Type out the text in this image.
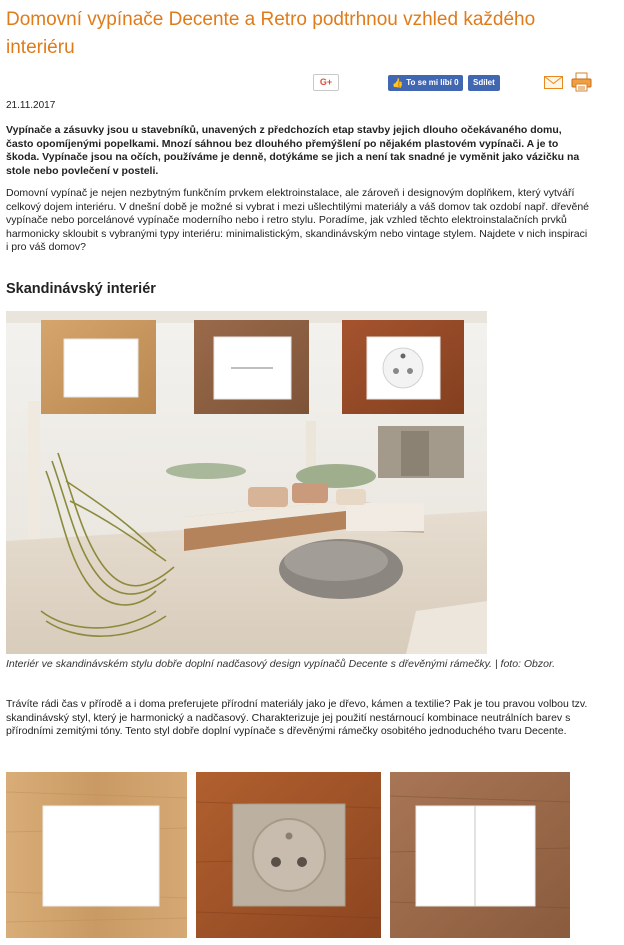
Domovní vypínače Decente a Retro podtrhnou vzhled každého interiéru
G+	👍 To se mi líbí 0	Sdílet
21.11.2017

Vypínače a zásuvky jsou u stavebníků, unavených z předchozích etap stavby jejich dlouho očekávaného domu, často opomíjenými popelkami. Mnozí sáhnou bez dlouhého přemýšlení po nějakém plastovém vypínači. A je to škoda. Vypínače jsou na očích, používáme je denně, dotýkáme se jich a není tak snadné je vyměnit jako vázičku na stole nebo povlečení v posteli.

Domovní vypínač je nejen nezbytným funkčním prvkem elektroinstalace, ale zároveň i designovým doplňkem, který vytváří celkový dojem interiéru. V dnešní době je možné si vybrat i mezi ušlechtilými materiály a váš domov tak ozdobí např. dřevěné vypínače nebo porcelánové vypínače moderního nebo i retro stylu. Poradíme, jak vzhled těchto elektroinstalačních prvků harmonicky skloubit s vybranými typy interiéru: minimalistickým, skandinávským nebo vintage stylem. Najdete v nich inspiraci i pro váš domov?

Skandinávský interiér

Interiér ve skandinávském stylu dobře doplní nadčasový design vypínačů Decente s dřevěnými rámečky. | foto: Obzor.

Trávíte rádi čas v přírodě a i doma preferujete přírodní materiály jako je dřevo, kámen a textilie? Pak je tou pravou volbou tzv. skandinávský styl, který je harmonický a nadčasový. Charakterizuje jej použití nestárnoucí kombinace neutrálních barev s přírodními zemitými tóny. Tento styl dobře doplní vypínače s dřevěnými rámečky osobitého jednoduchého tvaru Decente.
